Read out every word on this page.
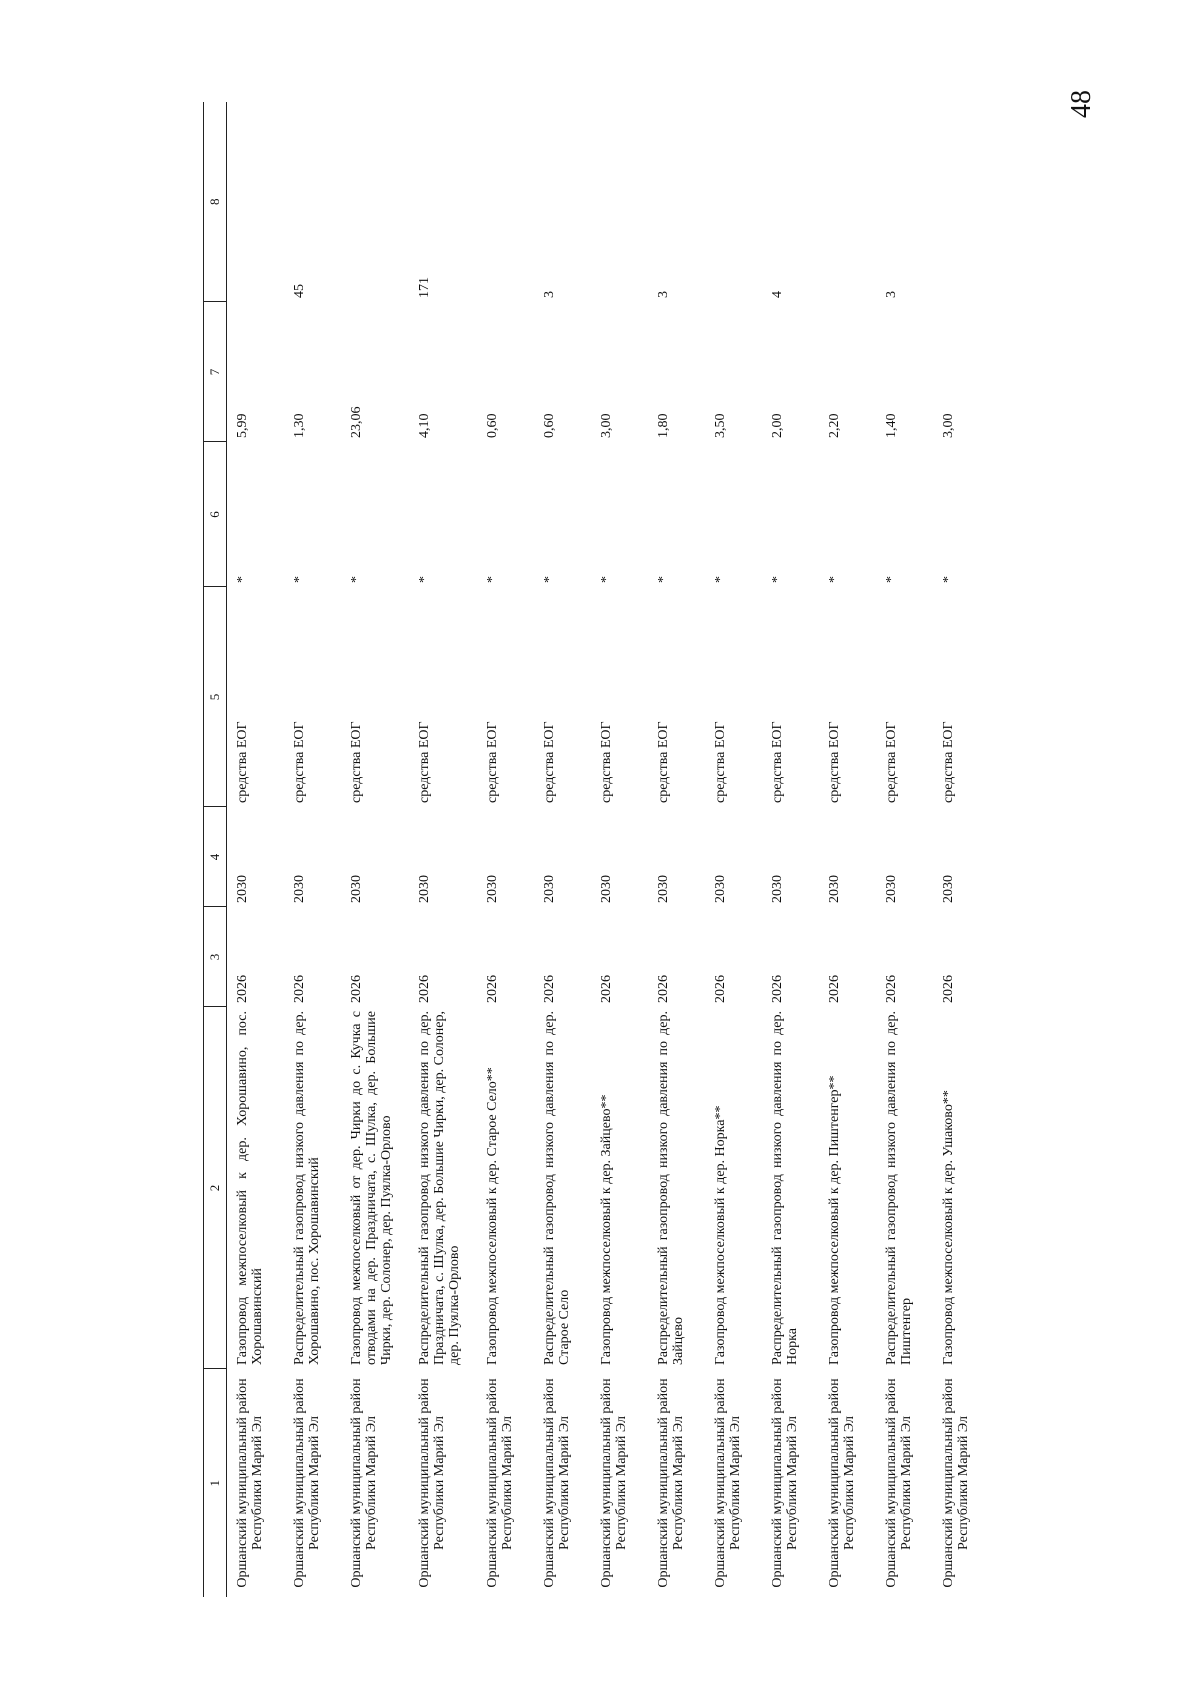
48
1	2	3	4	5	6	7	8
Оршанский муниципальный район Республики Марий Эл	Газопровод межпоселковый к дер. Хорошавино, пос. Хорошавинский	2026	2030	средства ЕОГ	*	5,99	
Оршанский муниципальный район Республики Марий Эл	Распределительный газопровод низкого давления по дер. Хорошавино, пос. Хорошавинский	2026	2030	средства ЕОГ	*	1,30	45
Оршанский муниципальный район Республики Марий Эл	Газопровод межпоселковый от дер. Чирки до с. Кучка с отводами на дер. Праздничата, с. Шулка, дер. Большие Чирки, дер. Солонер, дер. Пуялка-Орлово	2026	2030	средства ЕОГ	*	23,06	
Оршанский муниципальный район Республики Марий Эл	Распределительный газопровод низкого давления по дер. Праздничата, с. Шулка, дер. Большие Чирки, дер. Солонер, дер. Пуялка-Орлово	2026	2030	средства ЕОГ	*	4,10	171
Оршанский муниципальный район Республики Марий Эл	Газопровод межпоселковый к дер. Старое Село**	2026	2030	средства ЕОГ	*	0,60	
Оршанский муниципальный район Республики Марий Эл	Распределительный газопровод низкого давления по дер. Старое Село	2026	2030	средства ЕОГ	*	0,60	3
Оршанский муниципальный район Республики Марий Эл	Газопровод межпоселковый к дер. Зайцево**	2026	2030	средства ЕОГ	*	3,00	
Оршанский муниципальный район Республики Марий Эл	Распределительный газопровод низкого давления по дер. Зайцево	2026	2030	средства ЕОГ	*	1,80	3
Оршанский муниципальный район Республики Марий Эл	Газопровод межпоселковый к дер. Норка**	2026	2030	средства ЕОГ	*	3,50	
Оршанский муниципальный район Республики Марий Эл	Распределительный газопровод низкого давления по дер. Норка	2026	2030	средства ЕОГ	*	2,00	4
Оршанский муниципальный район Республики Марий Эл	Газопровод межпоселковый к дер. Пиштенгер**	2026	2030	средства ЕОГ	*	2,20	
Оршанский муниципальный район Республики Марий Эл	Распределительный газопровод низкого давления по дер. Пиштенгер	2026	2030	средства ЕОГ	*	1,40	3
Оршанский муниципальный район Республики Марий Эл	Газопровод межпоселковый к дер. Ушаково**	2026	2030	средства ЕОГ	*	3,00	
